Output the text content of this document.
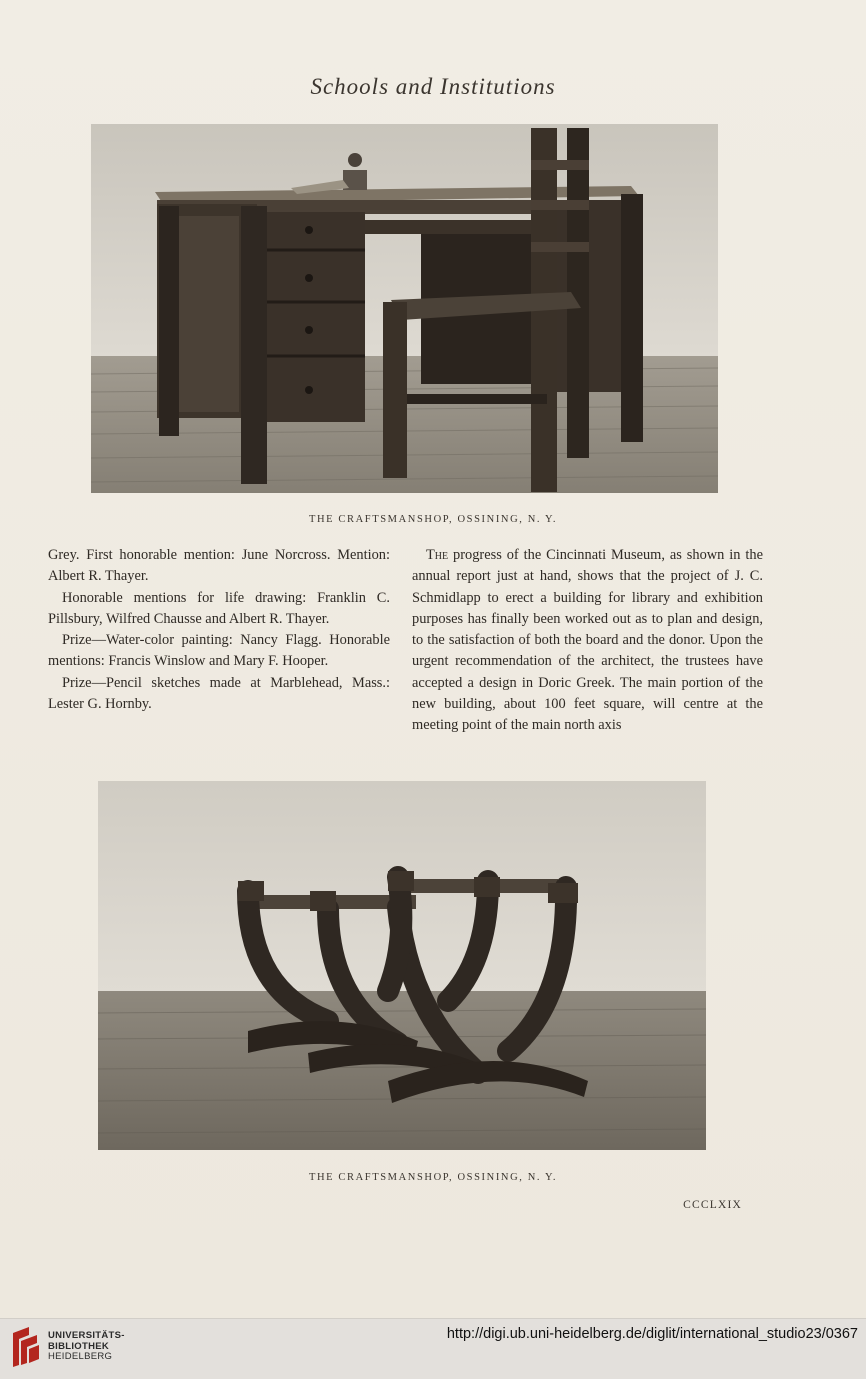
Schools and Institutions
THE CRAFTSMANSHOP, OSSINING, N. Y.

Grey. First honorable mention: June Norcross. Mention: Albert R. Thayer.

Honorable mentions for life drawing: Franklin C. Pillsbury, Wilfred Chausse and Albert R. Thayer.

Prize—Water-color painting: Nancy Flagg. Honorable mentions: Francis Winslow and Mary F. Hooper.

Prize—Pencil sketches made at Marblehead, Mass.: Lester G. Hornby.

The progress of the Cincinnati Museum, as shown in the annual report just at hand, shows that the project of J. C. Schmidlapp to erect a building for library and exhibition purposes has finally been worked out as to plan and design, to the satisfaction of both the board and the donor. Upon the urgent recommendation of the architect, the trustees have accepted a design in Doric Greek. The main portion of the new building, about 100 feet square, will centre at the meeting point of the main north axis

THE CRAFTSMANSHOP, OSSINING, N. Y.
CCCLXIX
UNIVERSITÄTS-
BIBLIOTHEK
HEIDELBERG
http://digi.ub.uni-heidelberg.de/diglit/international_studio23/0367
